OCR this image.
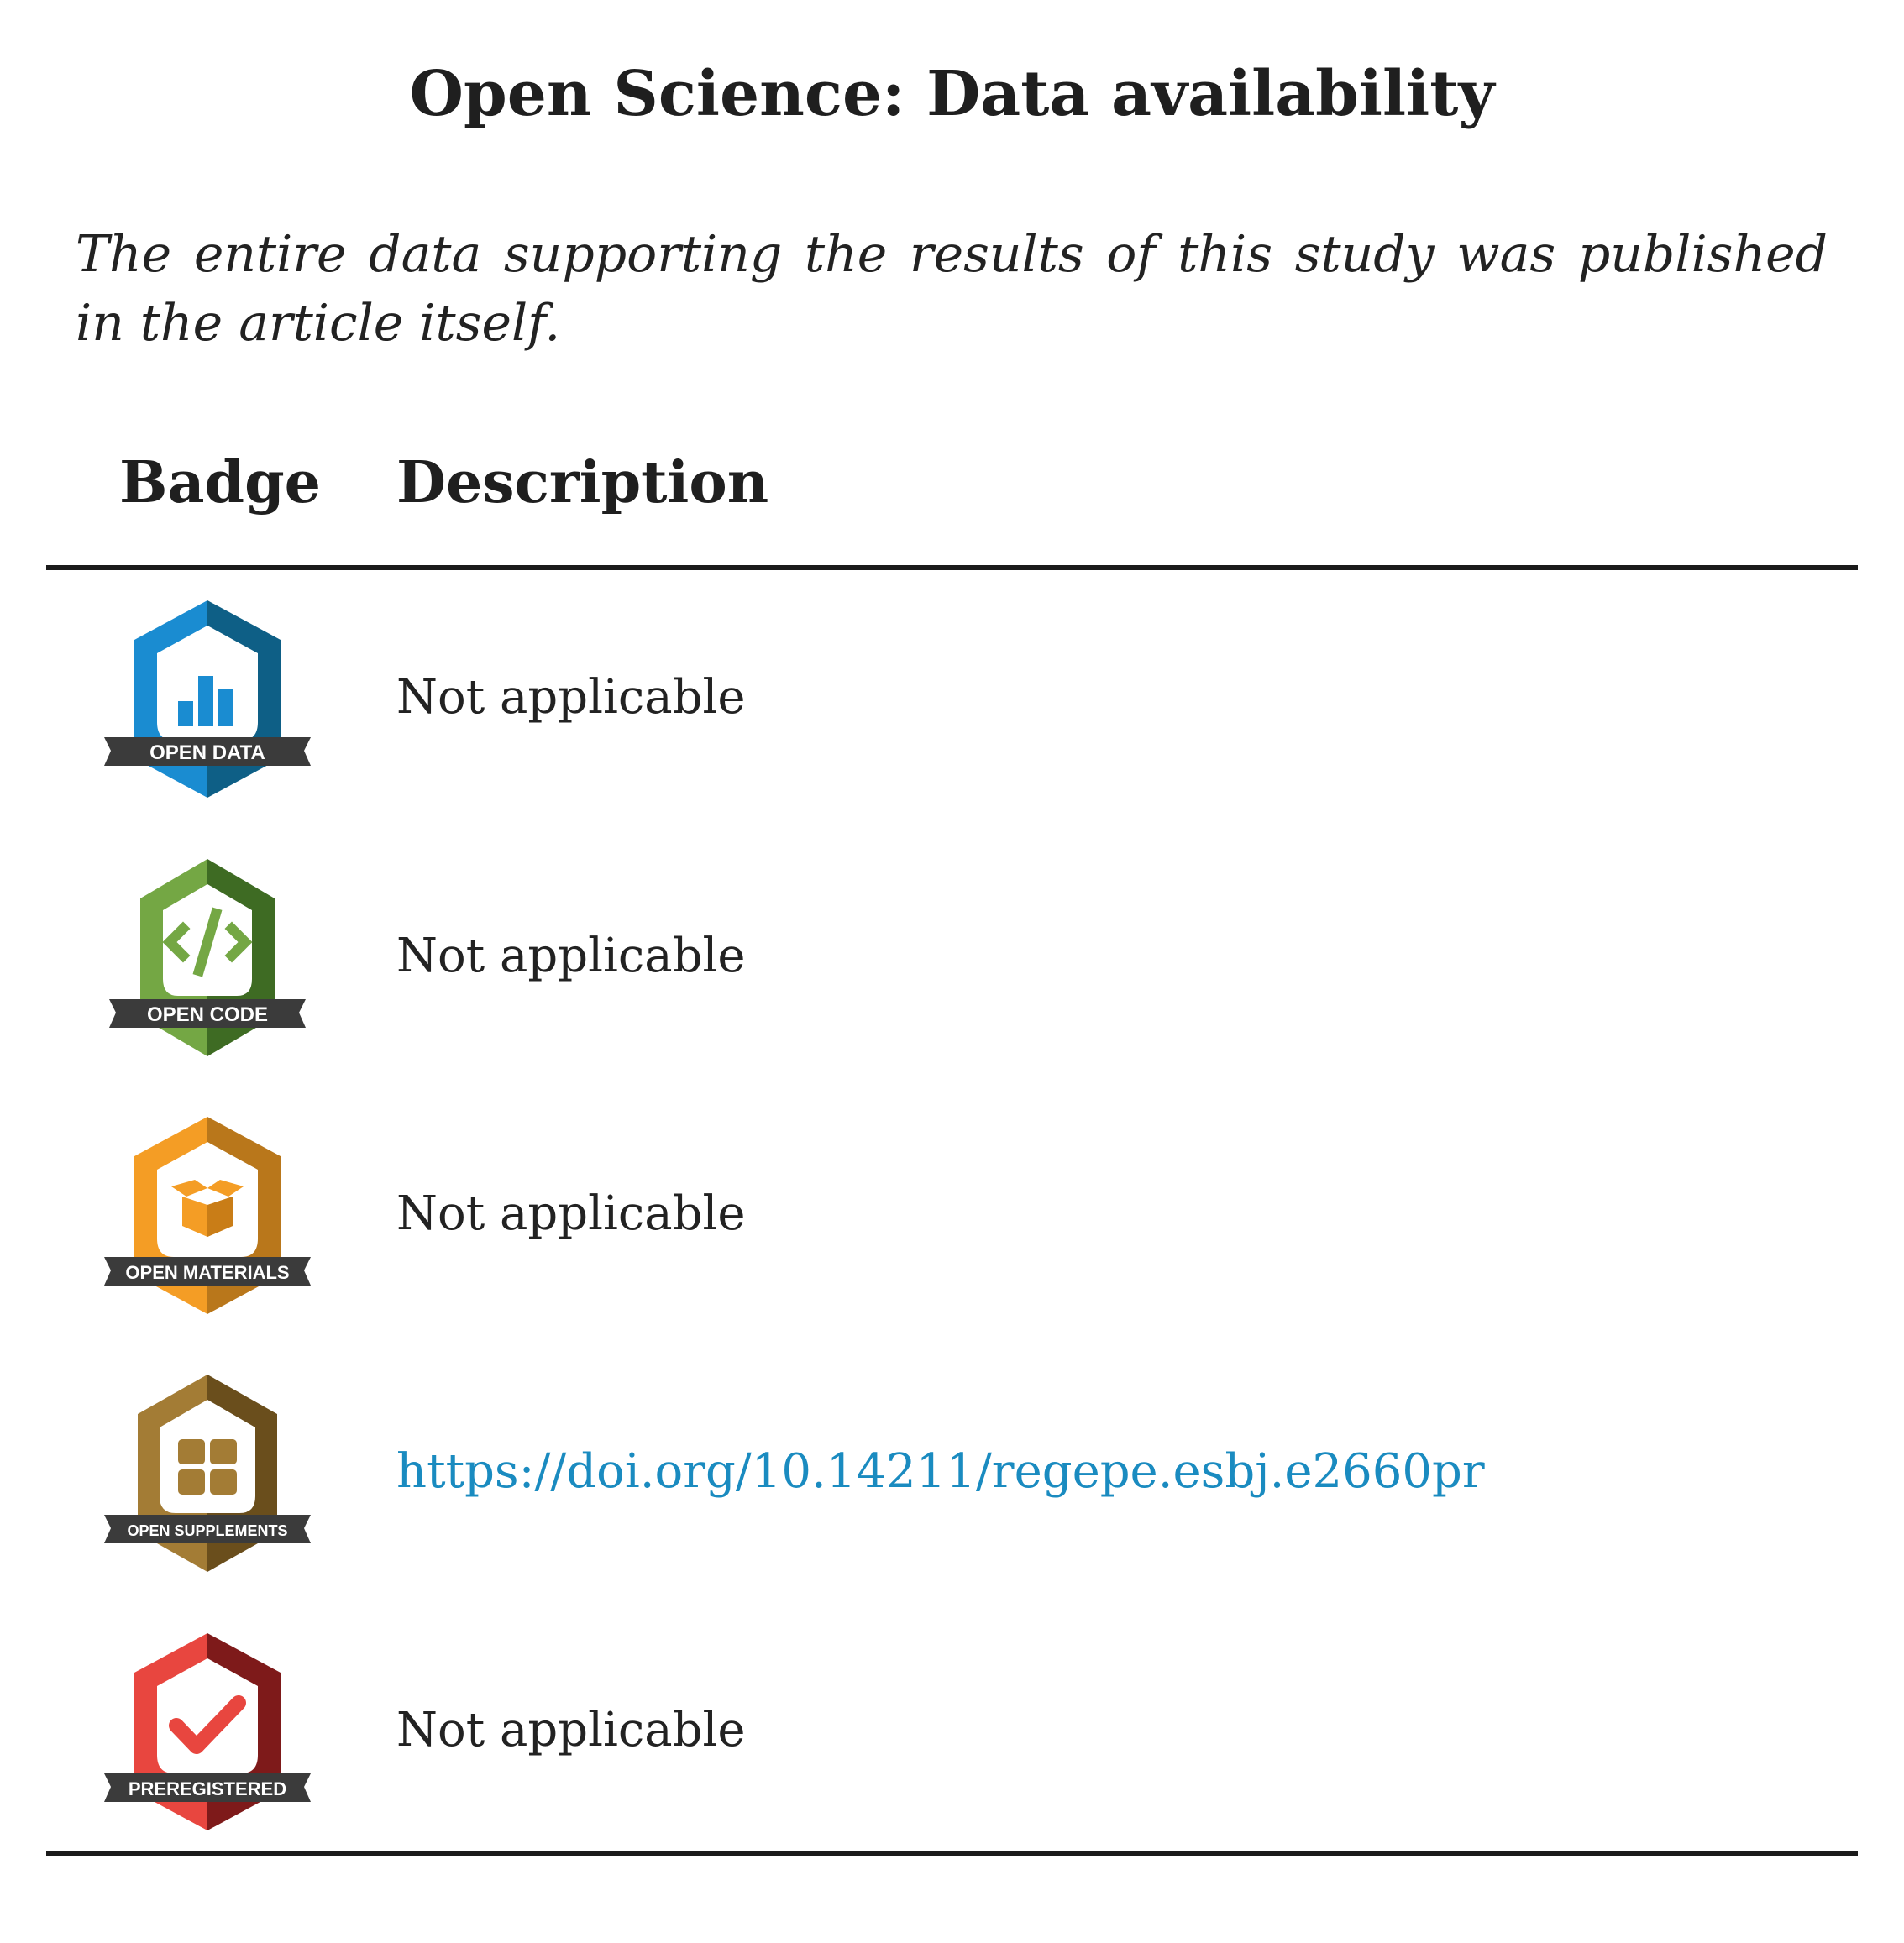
Open Science: Data availability
The entire data supporting the results of this study was published in the article itself.
Badge Description
OPEN DATA
Not applicable
OPEN CODE
Not applicable
OPEN MATERIALS
Not applicable
OPEN SUPPLEMENTS
https://doi.org/10.14211/regepe.esbj.e2660pr
PREREGISTERED
Not applicable
